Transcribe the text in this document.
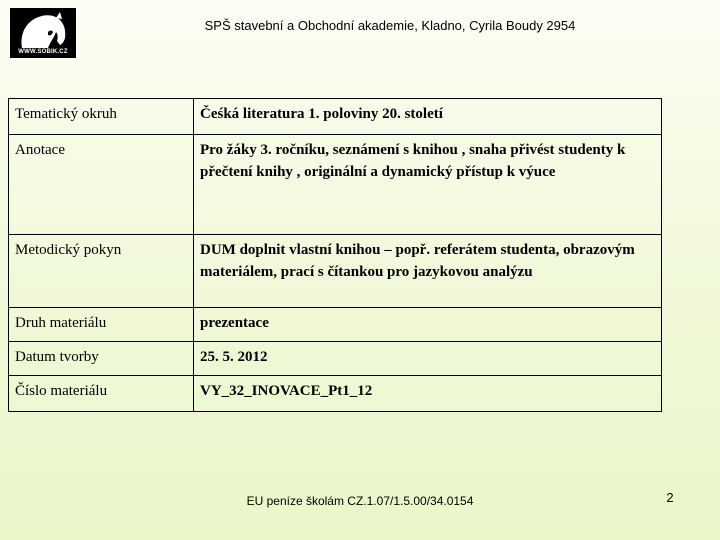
WWW.SOBIK.CZ
SPŠ stavební a Obchodní akademie, Kladno, Cyrila Boudy 2954
Tematický okruh	Čeśká literatura 1. poloviny 20. století
Anotace	Pro žáky 3. ročníku, seznámení s knihou , snaha přivést studenty k přečtení knihy , originální a dynamický přístup k výuce
Metodický pokyn	DUM doplnit vlastní knihou – popř. referátem studenta, obrazovým materiálem, prací s čítankou pro jazykovou analýzu
Druh materiálu	prezentace
Datum tvorby	25. 5. 2012
Číslo materiálu	VY_32_INOVACE_Pt1_12
EU peníze školám CZ.1.07/1.5.00/34.0154	2
